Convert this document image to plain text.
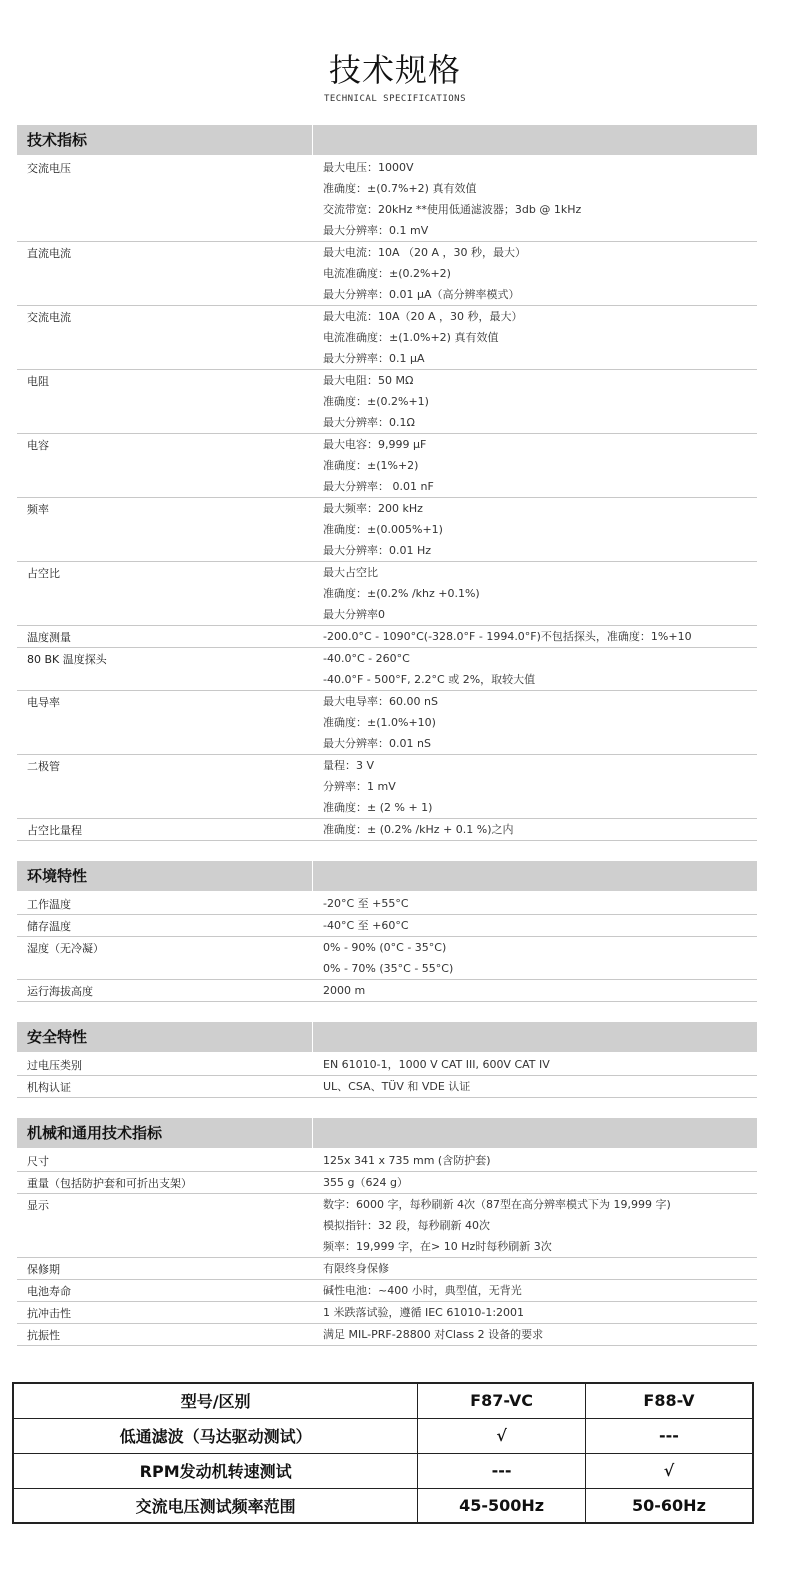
技术规格
TECHNICAL SPECIFICATIONS
技术指标
交流电压	最大电压：1000V
准确度：±(0.7%+2) 真有效值
交流带宽：20kHz **使用低通滤波器；3db @ 1kHz
最大分辨率：0.1 mV
直流电流	最大电流：10A （20 A ，30 秒，最大）
电流准确度：±(0.2%+2)
最大分辨率：0.01 µA（高分辨率模式）
交流电流	最大电流：10A（20 A ，30 秒，最大）
电流准确度：±(1.0%+2) 真有效值
最大分辨率：0.1 µA
电阻	最大电阻：50 MΩ
准确度：±(0.2%+1)
最大分辨率：0.1Ω
电容	最大电容：9,999 µF
准确度：±(1%+2)
最大分辨率： 0.01 nF
频率	最大频率：200 kHz
准确度：±(0.005%+1)
最大分辨率：0.01 Hz
占空比	最大占空比
准确度：±(0.2% /khz +0.1%)
最大分辨率0
温度测量	-200.0°C - 1090°C(-328.0°F - 1994.0°F)不包括探头，准确度：1%+10
80 BK 温度探头	-40.0°C - 260°C
-40.0°F - 500°F, 2.2°C 或 2%，取较大值
电导率	最大电导率：60.00 nS
准确度：±(1.0%+10)
最大分辨率：0.01 nS
二极管	量程：3 V
分辨率：1 mV
准确度：± (2 % + 1)
占空比量程	准确度：± (0.2% /kHz + 0.1 %)之内
环境特性
工作温度	-20°C 至 +55°C
储存温度	-40°C 至 +60°C
湿度（无冷凝）	0% - 90% (0°C - 35°C)
0% - 70% (35°C - 55°C)
运行海拔高度	2000 m
安全特性
过电压类别	EN 61010-1，1000 V CAT III, 600V CAT IV
机构认证	UL、CSA、TÜV 和 VDE 认证
机械和通用技术指标
尺寸	125x 341 x 735 mm (含防护套)
重量（包括防护套和可折出支架）	355 g（624 g）
显示	数字：6000 字，每秒刷新 4次（87型在高分辨率模式下为 19,999 字)
模拟指针：32 段，每秒刷新 40次
频率：19,999 字，在> 10 Hz时每秒刷新 3次
保修期	有限终身保修
电池寿命	碱性电池：~400 小时，典型值，无背光
抗冲击性	1 米跌落试验，遵循 IEC 61010-1:2001
抗振性	满足 MIL-PRF-28800 对Class 2 设备的要求
型号/区别	F87-VC	F88-V
低通滤波（马达驱动测试）	√	---
RPM发动机转速测试	---	√
交流电压测试频率范围	45-500Hz	50-60Hz
